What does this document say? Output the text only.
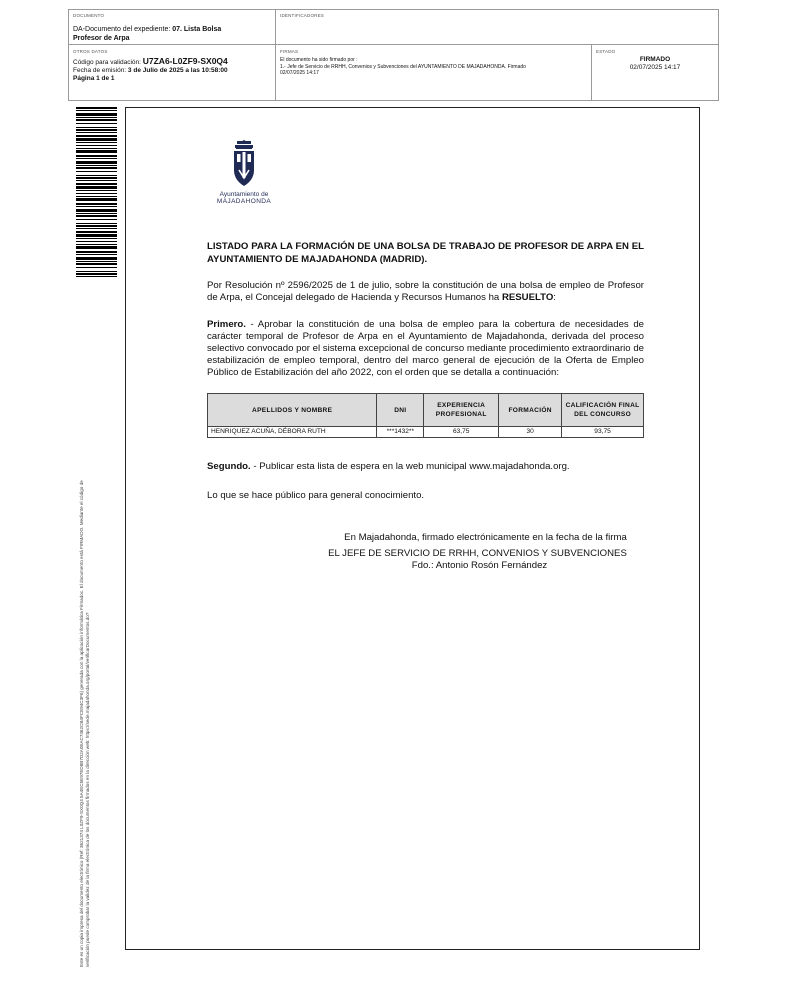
DOCUMENTO
DA-Documento del expediente: 07. Lista Bolsa
Profesor de Arpa
IDENTIFICADORES
OTROS DATOS
Código para validación: U7ZA6-L0ZF9-SX0Q4
Fecha de emisión: 3 de Julio de 2025 a las 10:58:00
Página 1 de 1
FIRMAS
El documento ha sido firmado por :
1.- Jefe de Servicio de RRHH, Convenios y Subvenciones del AYUNTAMIENTO DE MAJADAHONDA. Firmado
02/07/2025 14:17
ESTADO
FIRMADO
02/07/2025 14:17
Este es un copia impresa del documento electrónico (Ref: 3621374 L0ZF9-SX0Q4 5A4EC5E97ED8B7D2A0EAC7462CB4FCE94C3F6) generada con la aplicación informática Firmadoc. El documento está FIRMADO. Mediante el código de verificación puede comprobar la validez de la firma electrónica de los documentos firmados en la dirección web: https://sede.majadahonda.org/portal/verificarDocumentos.do?
Ayuntamiento de
MAJADAHONDA
LISTADO PARA LA FORMACIÓN DE UNA BOLSA DE TRABAJO DE PROFESOR DE ARPA EN EL AYUNTAMIENTO DE MAJADAHONDA (MADRID).
Por Resolución nº 2596/2025 de 1 de julio, sobre la constitución de una bolsa de empleo de Profesor de Arpa, el Concejal delegado de Hacienda y Recursos Humanos ha RESUELTO:
Primero. - Aprobar la constitución de una bolsa de empleo para la cobertura de necesidades de carácter temporal de Profesor de Arpa en el Ayuntamiento de Majadahonda, derivada del proceso selectivo convocado por el sistema excepcional de concurso mediante procedimiento extraordinario de estabilización de empleo temporal, dentro del marco general de ejecución de la Oferta de Empleo Público de Estabilización del año 2022, con el orden que se detalla a continuación:
APELLIDOS Y NOMBRE	DNI	EXPERIENCIA PROFESIONAL	FORMACIÓN	CALIFICACIÓN FINAL DEL CONCURSO
HENRIQUEZ ACUÑA, DÉBORA RUTH	***1432**	63,75	30	93,75
Segundo. - Publicar esta lista de espera en la web municipal www.majadahonda.org.
Lo que se hace público para general conocimiento.
En Majadahonda, firmado electrónicamente en la fecha de la firma
EL JEFE DE SERVICIO DE RRHH, CONVENIOS Y SUBVENCIONES
Fdo.: Antonio Rosón Fernández
